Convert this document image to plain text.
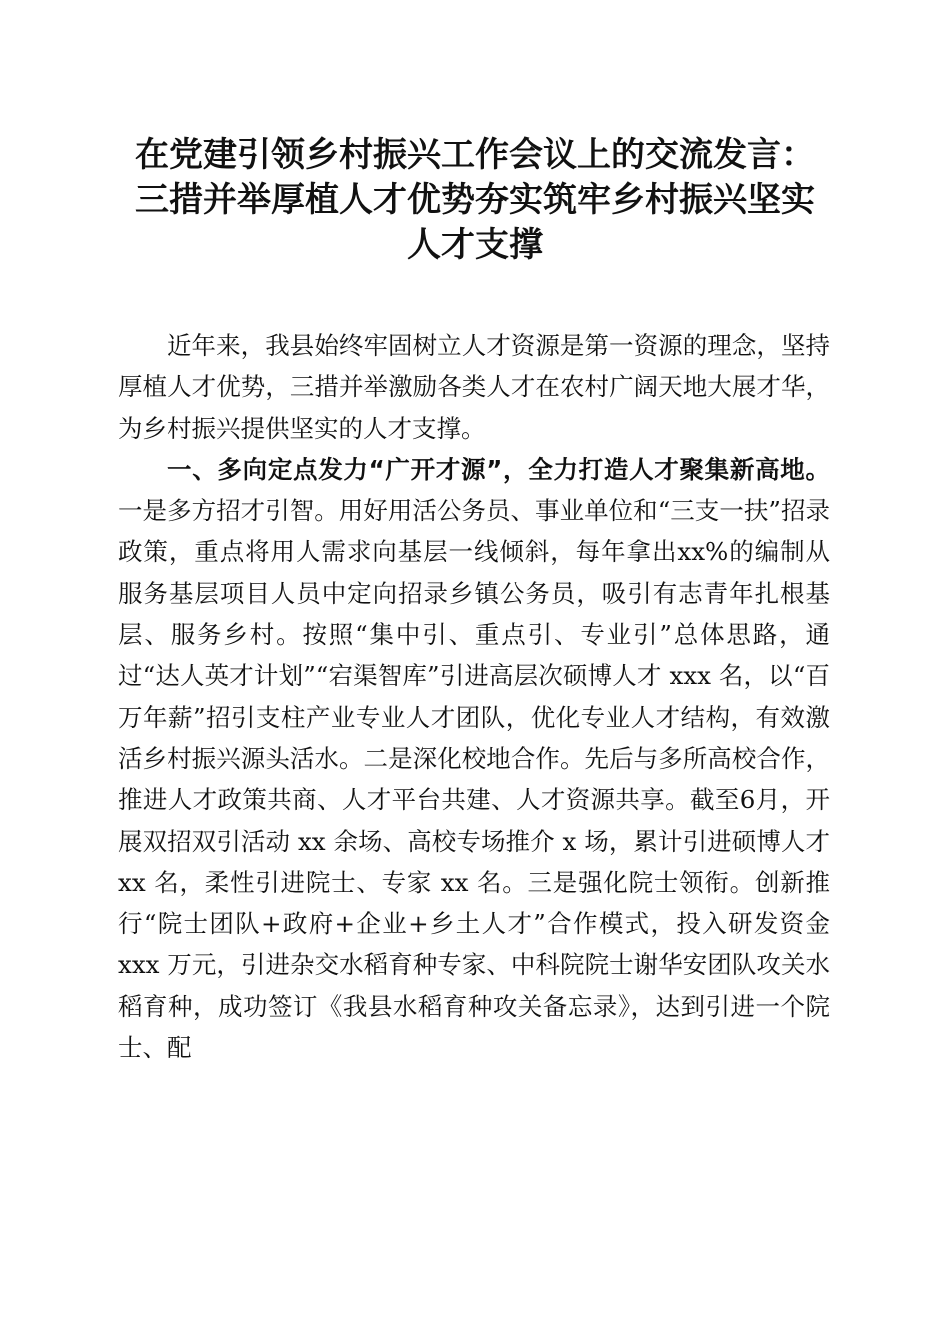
在党建引领乡村振兴工作会议上的交流发言：
三措并举厚植人才优势夯实筑牢乡村振兴坚实
人才支撑

近年来，我县始终牢固树立人才资源是第一资源的理念，坚持厚植人才优势，三措并举激励各类人才在农村广阔天地大展才华，为乡村振兴提供坚实的人才支撑。

一、多向定点发力“广开才源”，全力打造人才聚集新高地。一是多方招才引智。用好用活公务员、事业单位和“三支一扶”招录政策，重点将用人需求向基层一线倾斜，每年拿出xx%的编制从服务基层项目人员中定向招录乡镇公务员，吸引有志青年扎根基层、服务乡村。按照“集中引、重点引、专业引”总体思路，通过“达人英才计划”“宕渠智库”引进高层次硕博人才 xxx 名，以“百万年薪”招引支柱产业专业人才团队，优化专业人才结构，有效激活乡村振兴源头活水。二是深化校地合作。先后与多所高校合作，推进人才政策共商、人才平台共建、人才资源共享。截至6月，开展双招双引活动 xx 余场、高校专场推介 x 场，累计引进硕博人才 xx 名，柔性引进院士、专家 xx 名。三是强化院士领衔。创新推行“院士团队+政府+企业+乡土人才”合作模式，投入研发资金 xxx 万元，引进杂交水稻育种专家、中科院院士谢华安团队攻关水稻育种，成功签订《我县水稻育种攻关备忘录》，达到引进一个院士、配
